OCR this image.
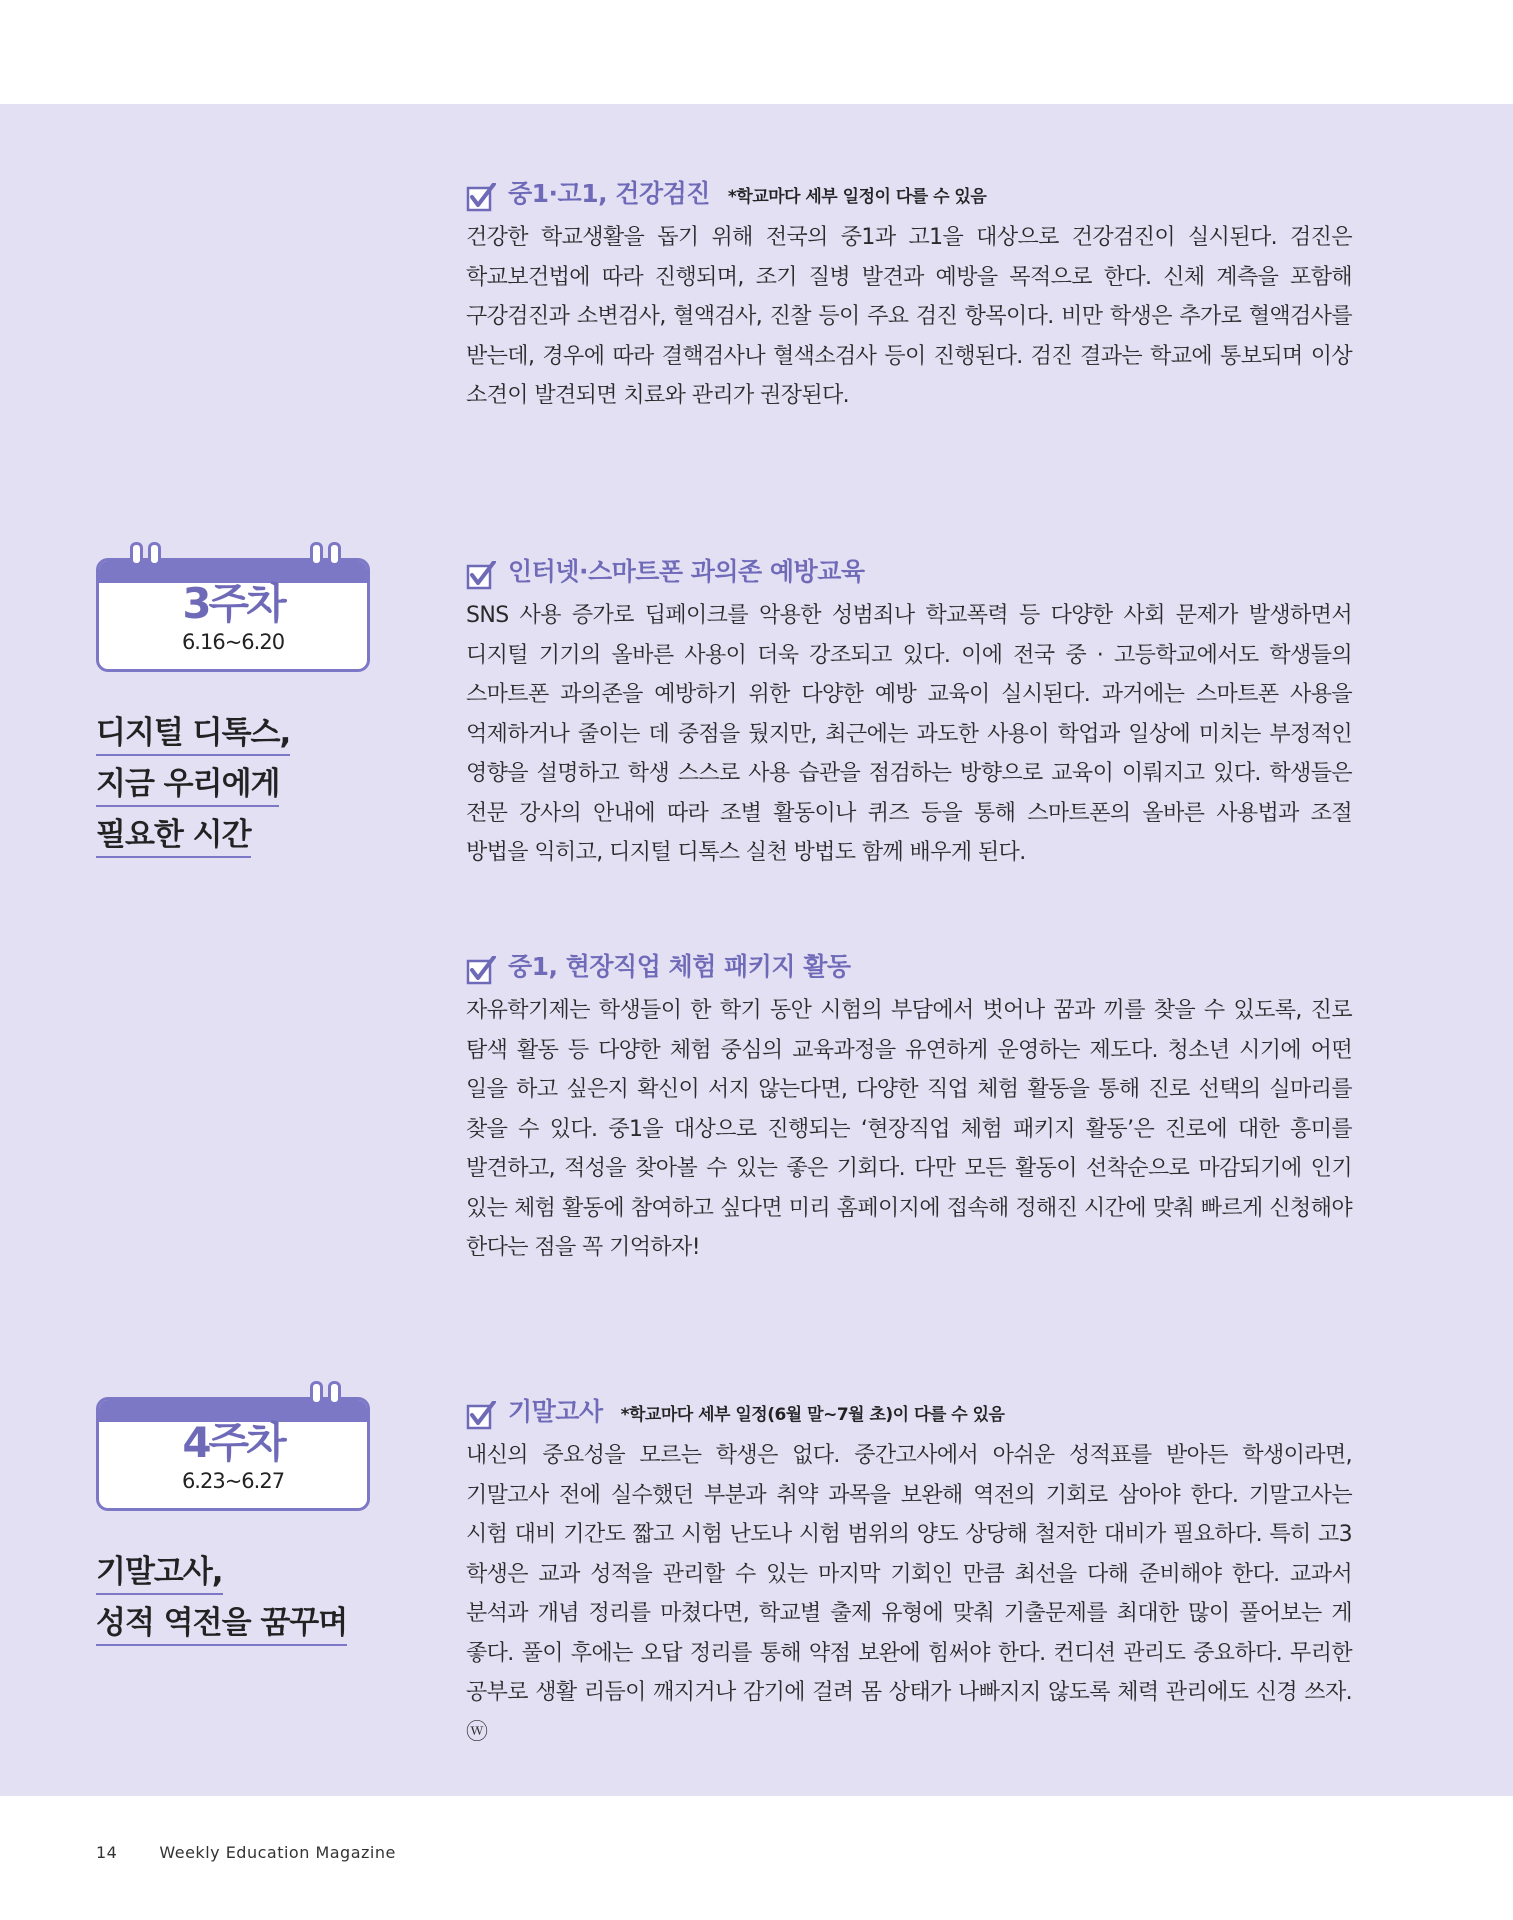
중1·고1, 건강검진 *학교마다 세부 일정이 다를 수 있음

건강한 학교생활을 돕기 위해 전국의 중1과 고1을 대상으로 건강검진이 실시된다. 검진은 학교보건법에 따라 진행되며, 조기 질병 발견과 예방을 목적으로 한다. 신체 계측을 포함해 구강검진과 소변검사, 혈액검사, 진찰 등이 주요 검진 항목이다. 비만 학생은 추가로 혈액검사를 받는데, 경우에 따라 결핵검사나 혈색소검사 등이 진행된다. 검진 결과는 학교에 통보되며 이상 소견이 발견되면 치료와 관리가 권장된다.

3주차
6.16~6.20
디지털 디톡스,
지금 우리에게
필요한 시간
인터넷·스마트폰 과의존 예방교육

SNS 사용 증가로 딥페이크를 악용한 성범죄나 학교폭력 등 다양한 사회 문제가 발생하면서 디지털 기기의 올바른 사용이 더욱 강조되고 있다. 이에 전국 중 · 고등학교에서도 학생들의 스마트폰 과의존을 예방하기 위한 다양한 예방 교육이 실시된다. 과거에는 스마트폰 사용을 억제하거나 줄이는 데 중점을 뒀지만, 최근에는 과도한 사용이 학업과 일상에 미치는 부정적인 영향을 설명하고 학생 스스로 사용 습관을 점검하는 방향으로 교육이 이뤄지고 있다. 학생들은 전문 강사의 안내에 따라 조별 활동이나 퀴즈 등을 통해 스마트폰의 올바른 사용법과 조절 방법을 익히고, 디지털 디톡스 실천 방법도 함께 배우게 된다.

중1, 현장직업 체험 패키지 활동

자유학기제는 학생들이 한 학기 동안 시험의 부담에서 벗어나 꿈과 끼를 찾을 수 있도록, 진로 탐색 활동 등 다양한 체험 중심의 교육과정을 유연하게 운영하는 제도다. 청소년 시기에 어떤 일을 하고 싶은지 확신이 서지 않는다면, 다양한 직업 체험 활동을 통해 진로 선택의 실마리를 찾을 수 있다. 중1을 대상으로 진행되는 ‘현장직업 체험 패키지 활동’은 진로에 대한 흥미를 발견하고, 적성을 찾아볼 수 있는 좋은 기회다. 다만 모든 활동이 선착순으로 마감되기에 인기 있는 체험 활동에 참여하고 싶다면 미리 홈페이지에 접속해 정해진 시간에 맞춰 빠르게 신청해야 한다는 점을 꼭 기억하자!

4주차
6.23~6.27
기말고사,
성적 역전을 꿈꾸며
기말고사 *학교마다 세부 일정(6월 말~7월 초)이 다를 수 있음

내신의 중요성을 모르는 학생은 없다. 중간고사에서 아쉬운 성적표를 받아든 학생이라면, 기말고사 전에 실수했던 부분과 취약 과목을 보완해 역전의 기회로 삼아야 한다. 기말고사는 시험 대비 기간도 짧고 시험 난도나 시험 범위의 양도 상당해 철저한 대비가 필요하다. 특히 고3 학생은 교과 성적을 관리할 수 있는 마지막 기회인 만큼 최선을 다해 준비해야 한다. 교과서 분석과 개념 정리를 마쳤다면, 학교별 출제 유형에 맞춰 기출문제를 최대한 많이 풀어보는 게 좋다. 풀이 후에는 오답 정리를 통해 약점 보완에 힘써야 한다. 컨디션 관리도 중요하다. 무리한 공부로 생활 리듬이 깨지거나 감기에 걸려 몸 상태가 나빠지지 않도록 체력 관리에도 신경 쓰자. ⓦ

14	Weekly Education Magazine
